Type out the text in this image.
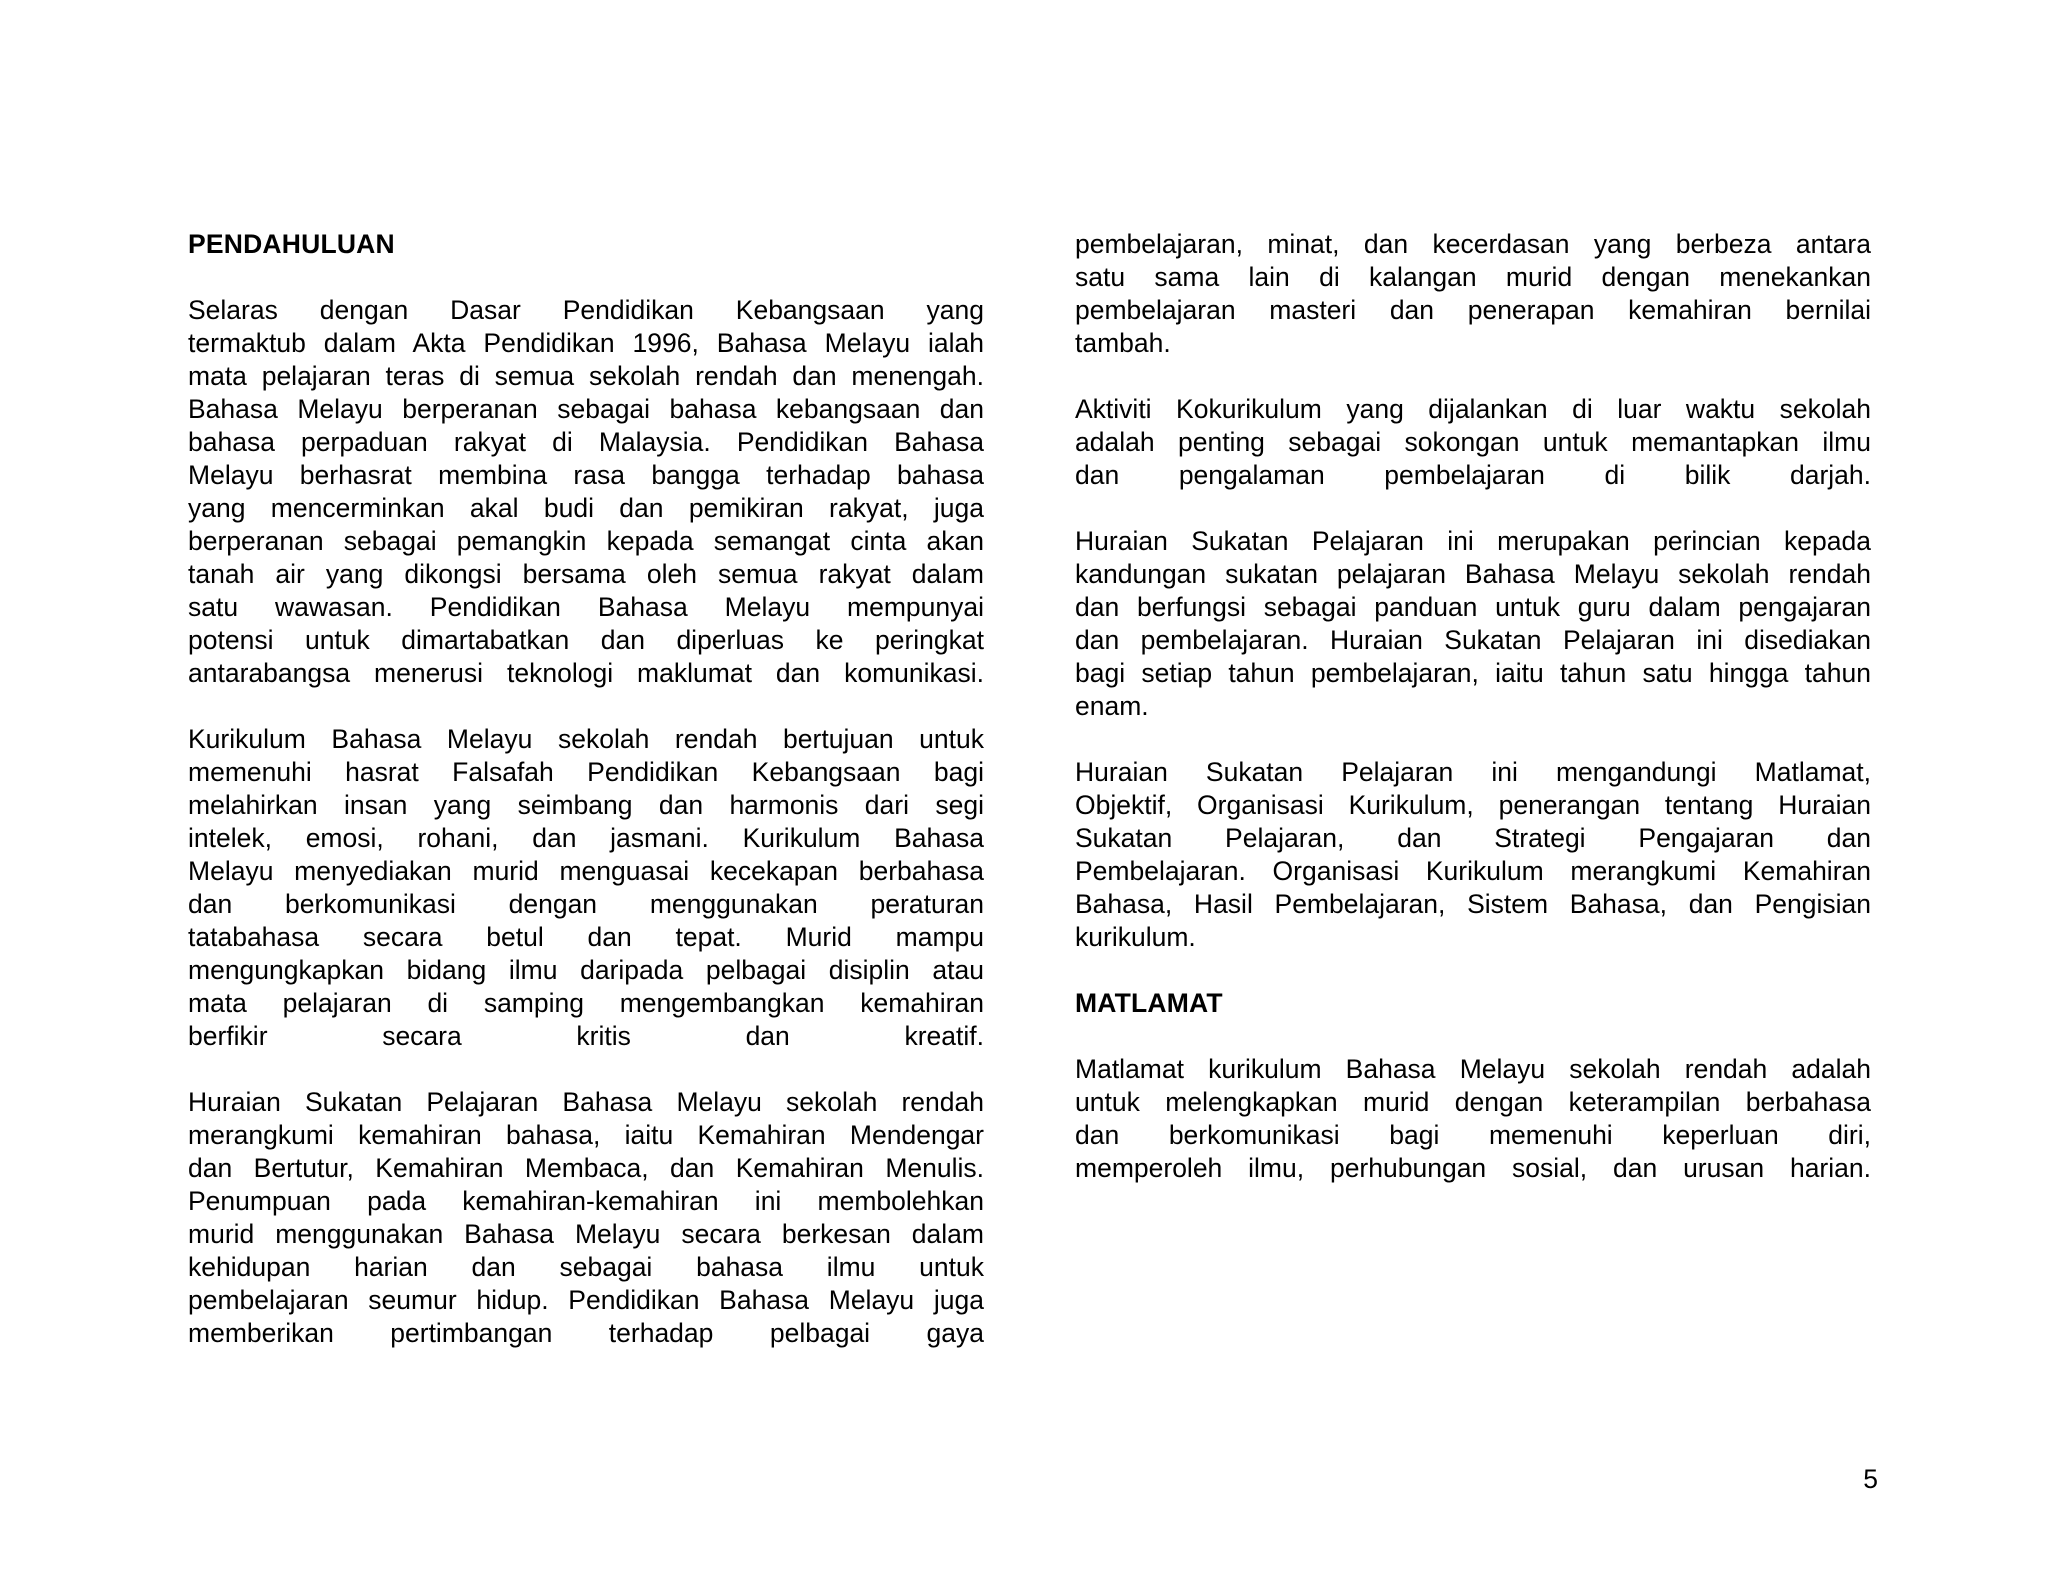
PENDAHULUAN
Selaras dengan Dasar Pendidikan Kebangsaan yang
termaktub dalam Akta Pendidikan 1996, Bahasa Melayu ialah
mata pelajaran teras di semua sekolah rendah dan menengah.
Bahasa Melayu berperanan sebagai bahasa kebangsaan dan
bahasa perpaduan rakyat di Malaysia. Pendidikan Bahasa
Melayu berhasrat membina rasa bangga terhadap bahasa
yang mencerminkan akal budi dan pemikiran rakyat, juga
berperanan sebagai pemangkin kepada semangat cinta akan
tanah air yang dikongsi bersama oleh semua rakyat dalam
satu wawasan. Pendidikan Bahasa Melayu mempunyai
potensi untuk dimartabatkan dan diperluas ke peringkat
antarabangsa menerusi teknologi maklumat dan komunikasi.
Kurikulum Bahasa Melayu sekolah rendah bertujuan untuk
memenuhi hasrat Falsafah Pendidikan Kebangsaan bagi
melahirkan insan yang seimbang dan harmonis dari segi
intelek, emosi, rohani, dan jasmani. Kurikulum Bahasa
Melayu menyediakan murid menguasai kecekapan berbahasa
dan berkomunikasi dengan menggunakan peraturan
tatabahasa secara betul dan tepat. Murid mampu
mengungkapkan bidang ilmu daripada pelbagai disiplin atau
mata pelajaran di samping mengembangkan kemahiran
berfikir secara kritis dan kreatif.
Huraian Sukatan Pelajaran Bahasa Melayu sekolah rendah
merangkumi kemahiran bahasa, iaitu Kemahiran Mendengar
dan Bertutur, Kemahiran Membaca, dan Kemahiran Menulis.
Penumpuan pada kemahiran-kemahiran ini membolehkan
murid menggunakan Bahasa Melayu secara berkesan dalam
kehidupan harian dan sebagai bahasa ilmu untuk
pembelajaran seumur hidup. Pendidikan Bahasa Melayu juga
memberikan pertimbangan terhadap pelbagai gaya
pembelajaran, minat, dan kecerdasan yang berbeza antara
satu sama lain di kalangan murid dengan menekankan
pembelajaran masteri dan penerapan kemahiran bernilai
tambah.
Aktiviti Kokurikulum yang dijalankan di luar waktu sekolah
adalah penting sebagai sokongan untuk memantapkan ilmu
dan pengalaman pembelajaran di bilik darjah.
Huraian Sukatan Pelajaran ini merupakan perincian kepada
kandungan sukatan pelajaran Bahasa Melayu sekolah rendah
dan berfungsi sebagai panduan untuk guru dalam pengajaran
dan pembelajaran. Huraian Sukatan Pelajaran ini disediakan
bagi setiap tahun pembelajaran, iaitu tahun satu hingga tahun
enam.
Huraian Sukatan Pelajaran ini mengandungi Matlamat,
Objektif, Organisasi Kurikulum, penerangan tentang Huraian
Sukatan Pelajaran, dan Strategi Pengajaran dan
Pembelajaran. Organisasi Kurikulum merangkumi Kemahiran
Bahasa, Hasil Pembelajaran, Sistem Bahasa, dan Pengisian
kurikulum.
MATLAMAT
Matlamat kurikulum Bahasa Melayu sekolah rendah adalah
untuk melengkapkan murid dengan keterampilan berbahasa
dan berkomunikasi bagi memenuhi keperluan diri,
memperoleh ilmu, perhubungan sosial, dan urusan harian.
5
